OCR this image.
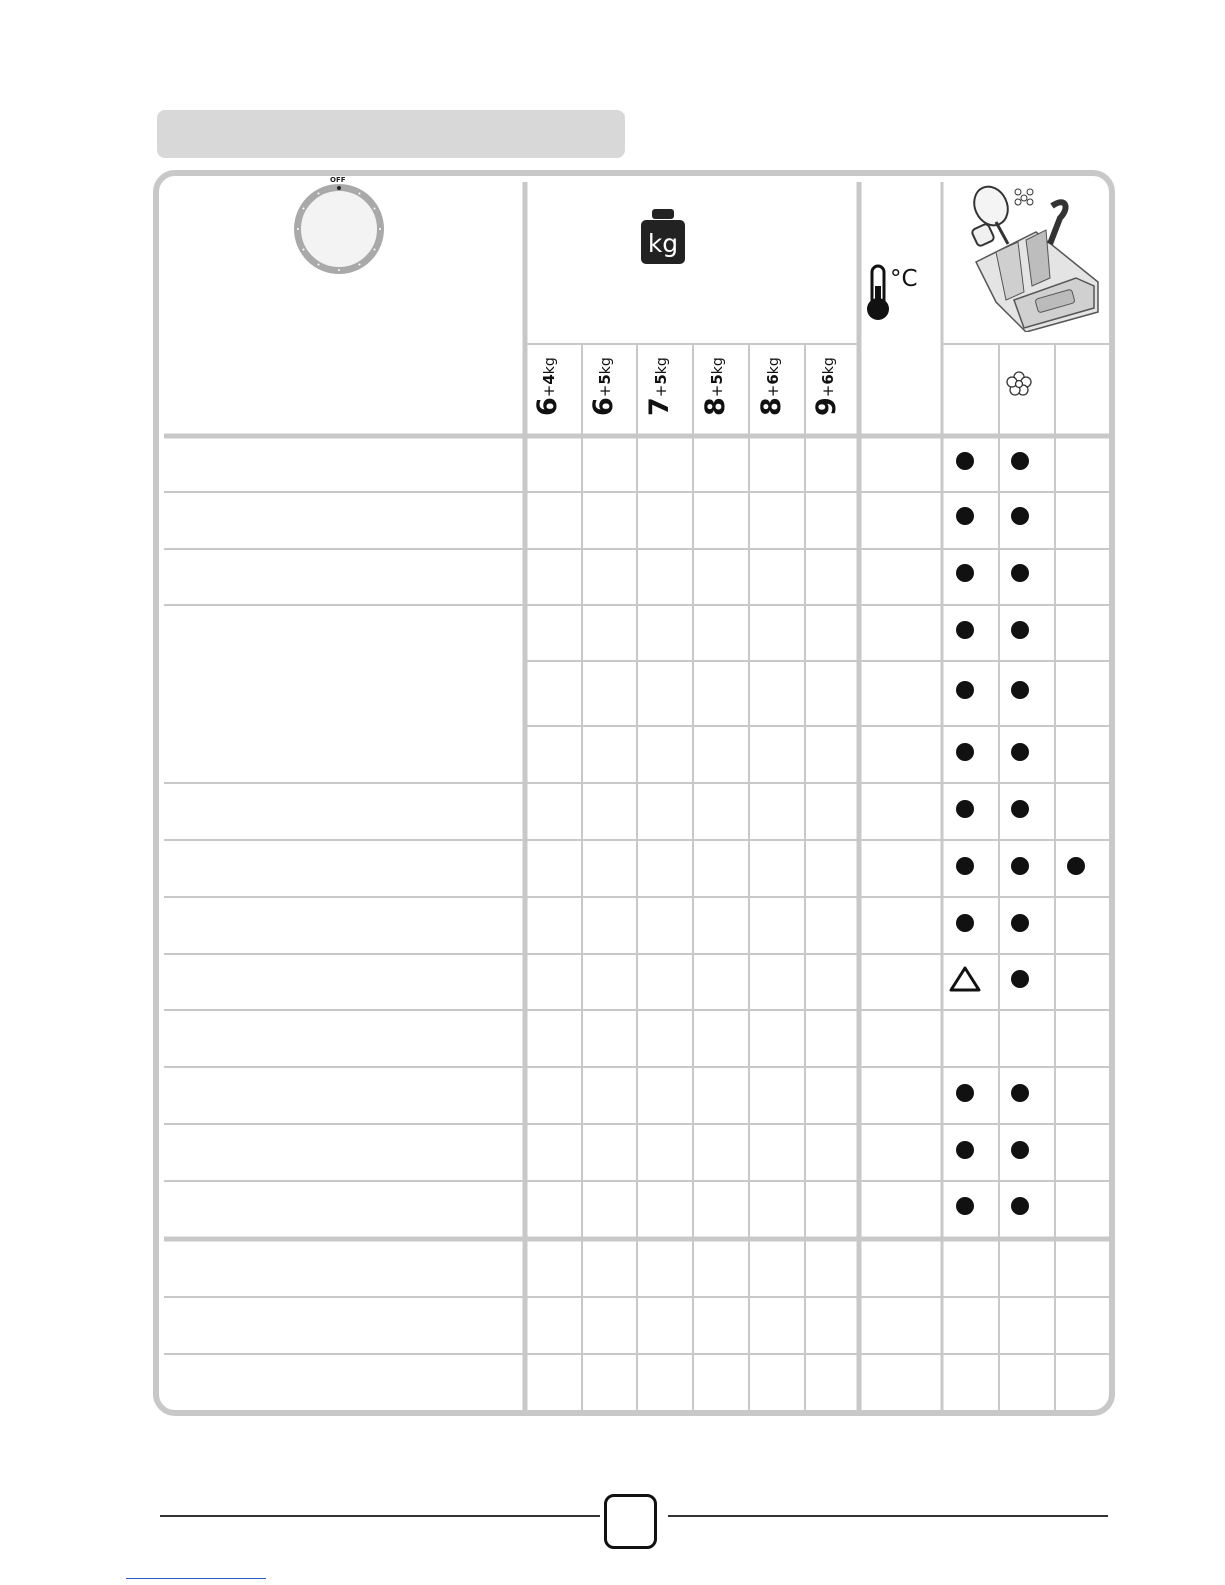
OFF
kg
°C
6+4kg
6+5kg
7+5kg
8+5kg
8+6kg
9+6kg
